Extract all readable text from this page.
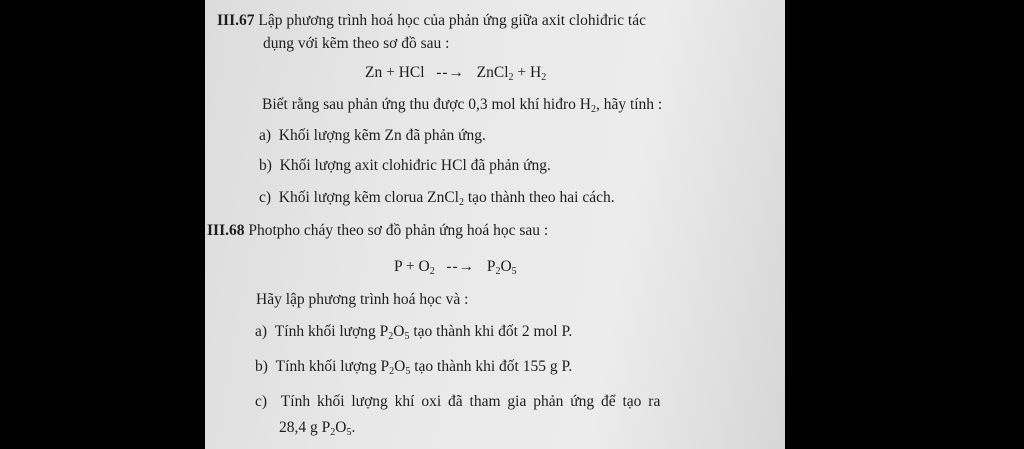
III.67 Lập phương trình hoá học của phản ứng giữa axit clohiđric tác
dụng với kẽm theo sơ đồ sau :
Zn + HCl --→ ZnCl$_2$ + $H_2$
Biết rằng sau phản ứng thu được 0,3 mol khí hiđro $H_2$, hãy tính :
a) Khối lượng kẽm Zn đã phản ứng.
b) Khối lượng axit clohiđric HCl đã phản ứng.
c) Khối lượng kẽm clorua ZnCl$_2$ tạo thành theo hai cách.
III.68 Photpho cháy theo sơ đồ phản ứng hoá học sau :
$P + O_2$ --→ $P_2O_5$
Hãy lập phương trình hoá học và :
a) Tính khối lượng $P_2O_5$ tạo thành khi đốt 2 mol P.
b) Tính khối lượng $P_2O_5$ tạo thành khi đốt 155 g P.
c) Tính khối lượng khí oxi đã tham gia phản ứng để tạo ra
28,4 g $P_2O_5$.
